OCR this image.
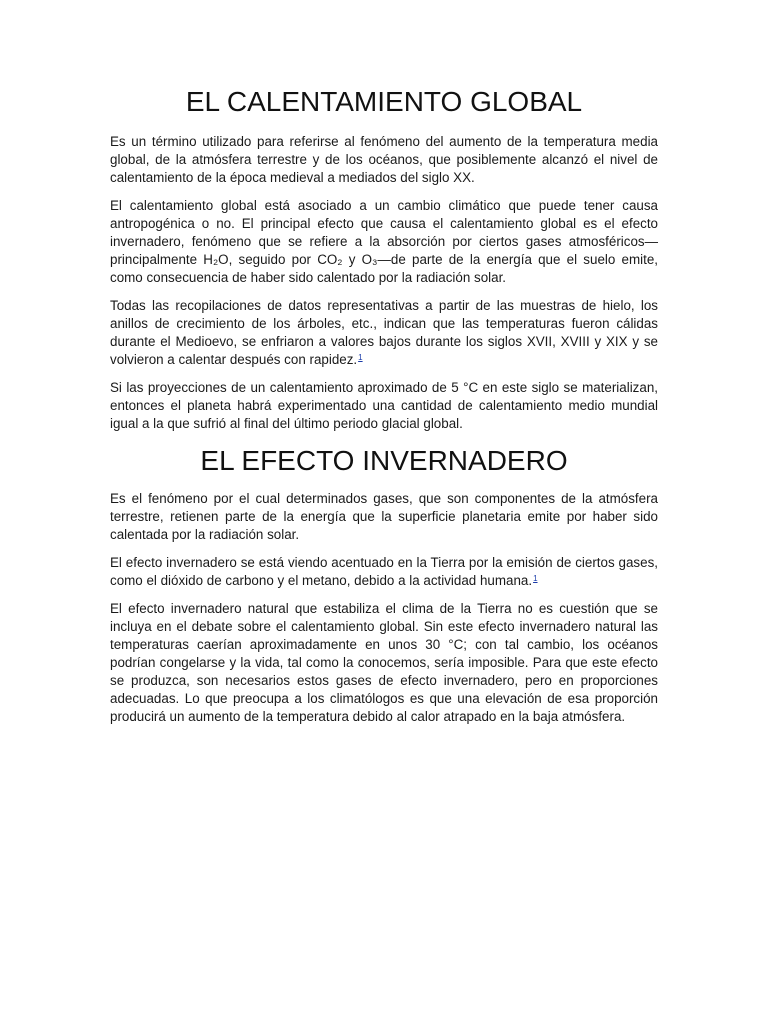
EL CALENTAMIENTO GLOBAL

Es un término utilizado para referirse al fenómeno del aumento de la temperatura media global, de la atmósfera terrestre y de los océanos, que posiblemente alcanzó el nivel de calentamiento de la época medieval a mediados del siglo XX.

El calentamiento global está asociado a un cambio climático que puede tener causa antropogénica o no. El principal efecto que causa el calentamiento global es el efecto invernadero, fenómeno que se refiere a la absorción por ciertos gases atmosféricos—principalmente H₂O, seguido por CO₂ y O₃—de parte de la energía que el suelo emite, como consecuencia de haber sido calentado por la radiación solar.

Todas las recopilaciones de datos representativas a partir de las muestras de hielo, los anillos de crecimiento de los árboles, etc., indican que las temperaturas fueron cálidas durante el Medioevo, se enfriaron a valores bajos durante los siglos XVII, XVIII y XIX y se volvieron a calentar después con rapidez.$^1$

Si las proyecciones de un calentamiento aproximado de 5 °C en este siglo se materializan, entonces el planeta habrá experimentado una cantidad de calentamiento medio mundial igual a la que sufrió al final del último periodo glacial global.

EL EFECTO INVERNADERO

Es el fenómeno por el cual determinados gases, que son componentes de la atmósfera terrestre, retienen parte de la energía que la superficie planetaria emite por haber sido calentada por la radiación solar.

El efecto invernadero se está viendo acentuado en la Tierra por la emisión de ciertos gases, como el dióxido de carbono y el metano, debido a la actividad humana.$^1$

El efecto invernadero natural que estabiliza el clima de la Tierra no es cuestión que se incluya en el debate sobre el calentamiento global. Sin este efecto invernadero natural las temperaturas caerían aproximadamente en unos 30 °C; con tal cambio, los océanos podrían congelarse y la vida, tal como la conocemos, sería imposible. Para que este efecto se produzca, son necesarios estos gases de efecto invernadero, pero en proporciones adecuadas. Lo que preocupa a los climatólogos es que una elevación de esa proporción producirá un aumento de la temperatura debido al calor atrapado en la baja atmósfera.
